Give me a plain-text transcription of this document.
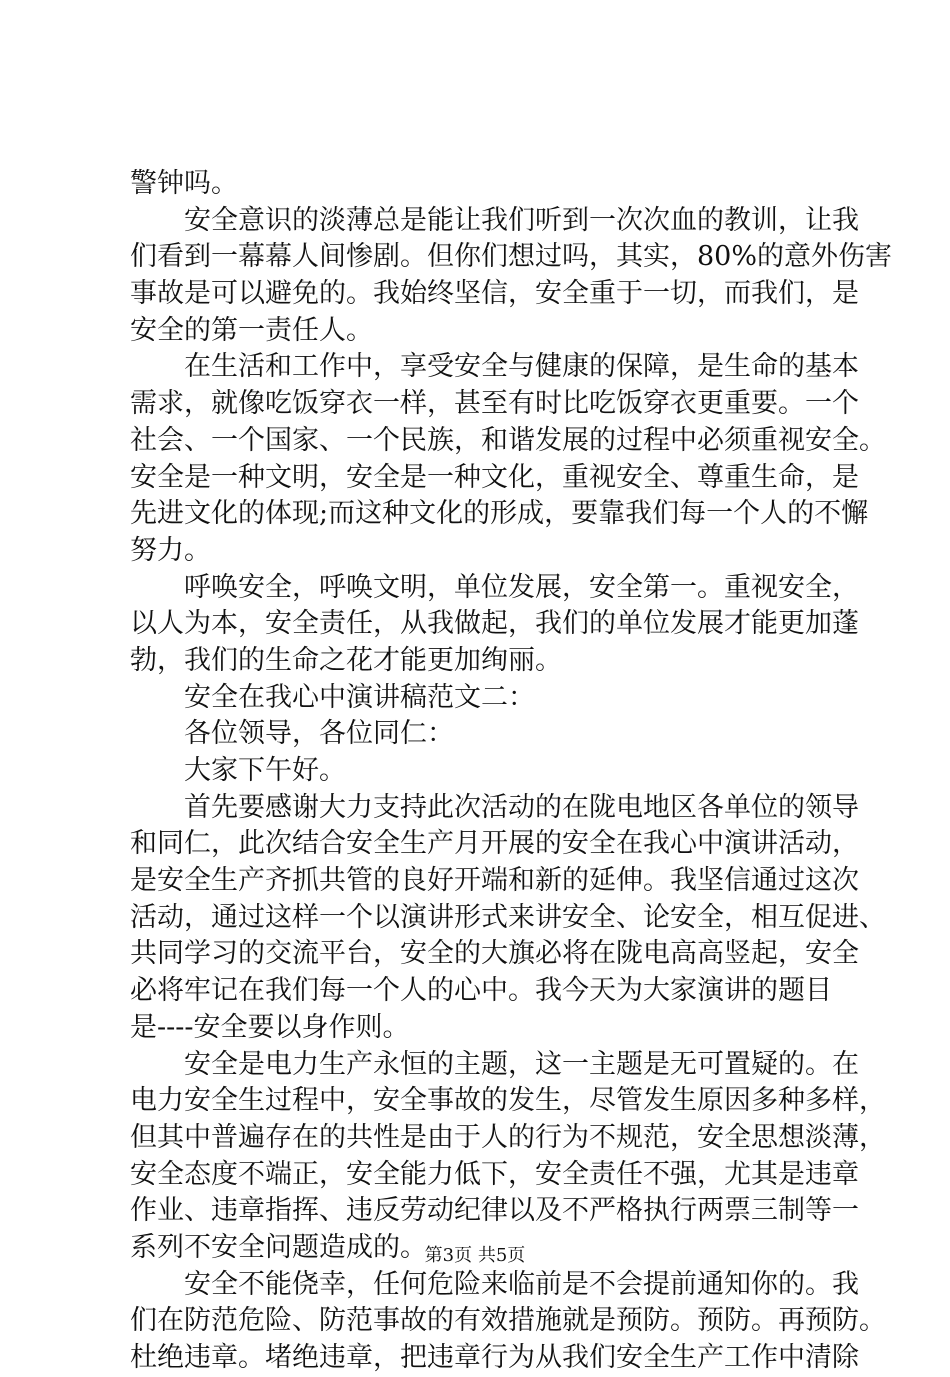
警钟吗。
安全意识的淡薄总是能让我们听到一次次血的教训，让我
们看到一幕幕人间惨剧。但你们想过吗，其实，80%的意外伤害
事故是可以避免的。我始终坚信，安全重于一切，而我们，是
安全的第一责任人。
在生活和工作中，享受安全与健康的保障，是生命的基本
需求，就像吃饭穿衣一样，甚至有时比吃饭穿衣更重要。一个
社会、一个国家、一个民族，和谐发展的过程中必须重视安全。
安全是一种文明，安全是一种文化，重视安全、尊重生命，是
先进文化的体现;而这种文化的形成，要靠我们每一个人的不懈
努力。
呼唤安全，呼唤文明，单位发展，安全第一。重视安全，
以人为本，安全责任，从我做起，我们的单位发展才能更加蓬
勃，我们的生命之花才能更加绚丽。
安全在我心中演讲稿范文二：
各位领导，各位同仁：
大家下午好。
首先要感谢大力支持此次活动的在陇电地区各单位的领导
和同仁，此次结合安全生产月开展的安全在我心中演讲活动，
是安全生产齐抓共管的良好开端和新的延伸。我坚信通过这次
活动，通过这样一个以演讲形式来讲安全、论安全，相互促进、
共同学习的交流平台，安全的大旗必将在陇电高高竖起，安全
必将牢记在我们每一个人的心中。我今天为大家演讲的题目
是----安全要以身作则。
安全是电力生产永恒的主题，这一主题是无可置疑的。在
电力安全生过程中，安全事故的发生，尽管发生原因多种多样，
但其中普遍存在的共性是由于人的行为不规范，安全思想淡薄，
安全态度不端正，安全能力低下，安全责任不强，尤其是违章
作业、违章指挥、违反劳动纪律以及不严格执行两票三制等一
系列不安全问题造成的。
安全不能侥幸，任何危险来临前是不会提前通知你的。我
们在防范危险、防范事故的有效措施就是预防。预防。再预防。
杜绝违章。堵绝违章，把违章行为从我们安全生产工作中清除
第3页 共5页
